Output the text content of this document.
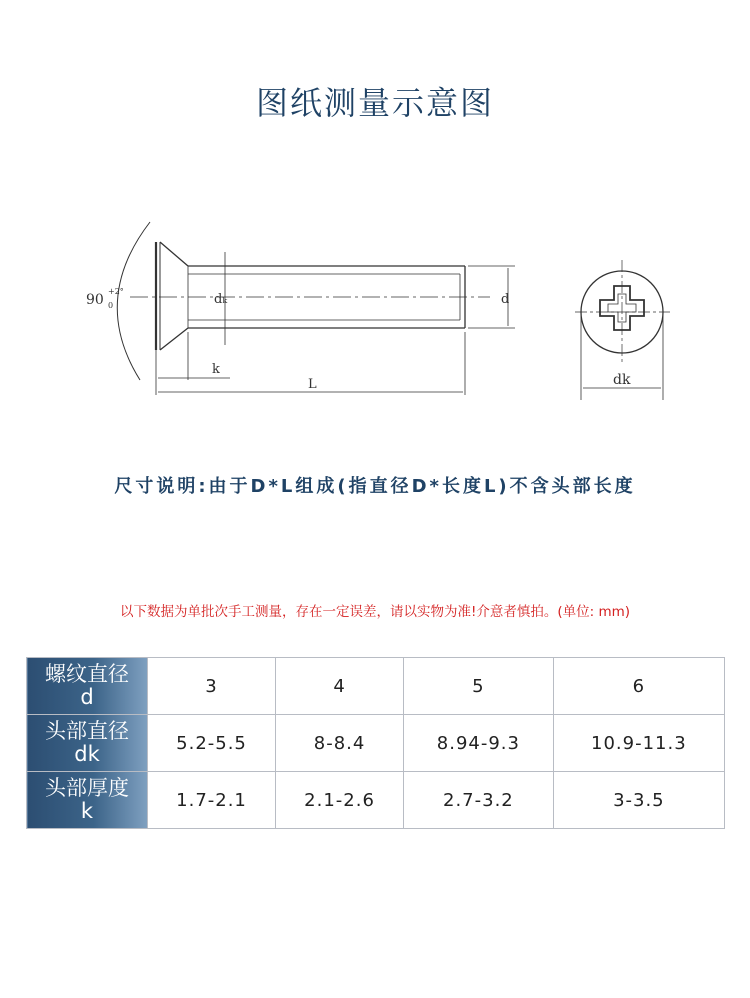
图纸测量示意图
90
+2°
0	dₖ	d
k
L	dk
尺寸说明:由于D*L组成(指直径D*长度L)不含头部长度
以下数据为单批次手工测量，存在一定误差，请以实物为准!介意者慎拍。(单位: mm)
螺纹直径
d	3	4	5	6

头部直径
dk	5.2-5.5	8-8.4	8.94-9.3	10.9-11.3

头部厚度
k	1.7-2.1	2.1-2.6	2.7-3.2	3-3.5
